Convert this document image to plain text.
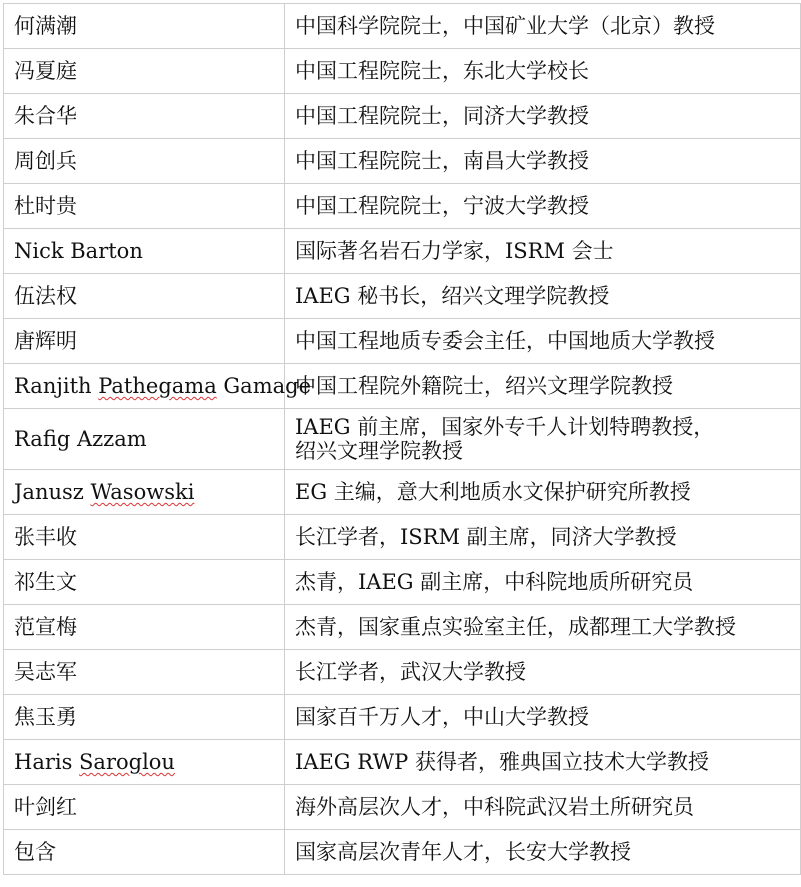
何满潮	中国科学院院士，中国矿业大学（北京）教授
冯夏庭	中国工程院院士，东北大学校长
朱合华	中国工程院院士，同济大学教授
周创兵	中国工程院院士，南昌大学教授
杜时贵	中国工程院院士，宁波大学教授
Nick Barton	国际著名岩石力学家，ISRM 会士
伍法权	IAEG 秘书长，绍兴文理学院教授
唐辉明	中国工程地质专委会主任，中国地质大学教授
Ranjith Pathegama Gamage	中国工程院外籍院士，绍兴文理学院教授
Rafig Azzam	IAEG 前主席，国家外专千人计划特聘教授，
绍兴文理学院教授

Janusz Wasowski	EG 主编，意大利地质水文保护研究所教授
张丰收	长江学者，ISRM 副主席，同济大学教授
祁生文	杰青，IAEG 副主席，中科院地质所研究员
范宣梅	杰青，国家重点实验室主任，成都理工大学教授
吴志军	长江学者，武汉大学教授
焦玉勇	国家百千万人才，中山大学教授
Haris Saroglou	IAEG RWP 获得者，雅典国立技术大学教授
叶剑红	海外高层次人才，中科院武汉岩土所研究员
包含	国家高层次青年人才，长安大学教授
